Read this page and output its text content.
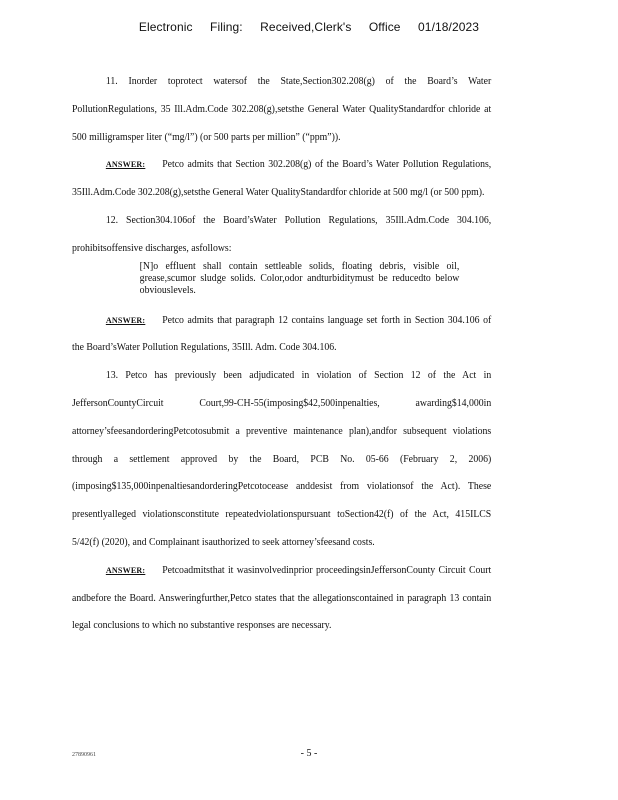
Electronic Filing: Received,Clerk's Office 01/18/2023

11. Inorder toprotect watersof the State,Section302.208(g) of the Board’s Water PollutionRegulations, 35 Ill.Adm.Code 302.208(g),setsthe General Water QualityStandardfor chloride at 500 milligramsper liter (“mg/l”) (or 500 parts per million” (“ppm”)).

ANSWER: Petco admits that Section 302.208(g) of the Board’s Water Pollution Regulations, 35Ill.Adm.Code 302.208(g),setsthe General Water QualityStandardfor chloride at 500 mg/l (or 500 ppm).

12. Section304.106of the Board’sWater Pollution Regulations, 35Ill.Adm.Code 304.106, prohibitsoffensive discharges, asfollows:

[N]o effluent shall contain settleable solids, floating debris, visible oil, grease,scumor sludge solids. Color,odor andturbiditymust be reducedto below obviouslevels.

ANSWER: Petco admits that paragraph 12 contains language set forth in Section 304.106 of the Board’sWater Pollution Regulations, 35Ill. Adm. Code 304.106.

13. Petco has previously been adjudicated in violation of Section 12 of the Act in JeffersonCountyCircuit Court,99-CH-55(imposing$42,500inpenalties, awarding$14,000in attorney’sfeesandorderingPetcotosubmit a preventive maintenance plan),andfor subsequent violations through a settlement approved by the Board, PCB No. 05-66 (February 2, 2006) (imposing$135,000inpenaltiesandorderingPetcotocease anddesist from violationsof the Act). These presentlyalleged violationsconstitute repeatedviolationspursuant toSection42(f) of the Act, 415ILCS 5/42(f) (2020), and Complainant isauthorized to seek attorney’sfeesand costs.

ANSWER: Petcoadmitsthat it wasinvolvedinprior proceedingsinJeffersonCounty Circuit Court andbefore the Board. Answeringfurther,Petco states that the allegationscontained in paragraph 13 contain legal conclusions to which no substantive responses are necessary.

27890961	- 5 -
